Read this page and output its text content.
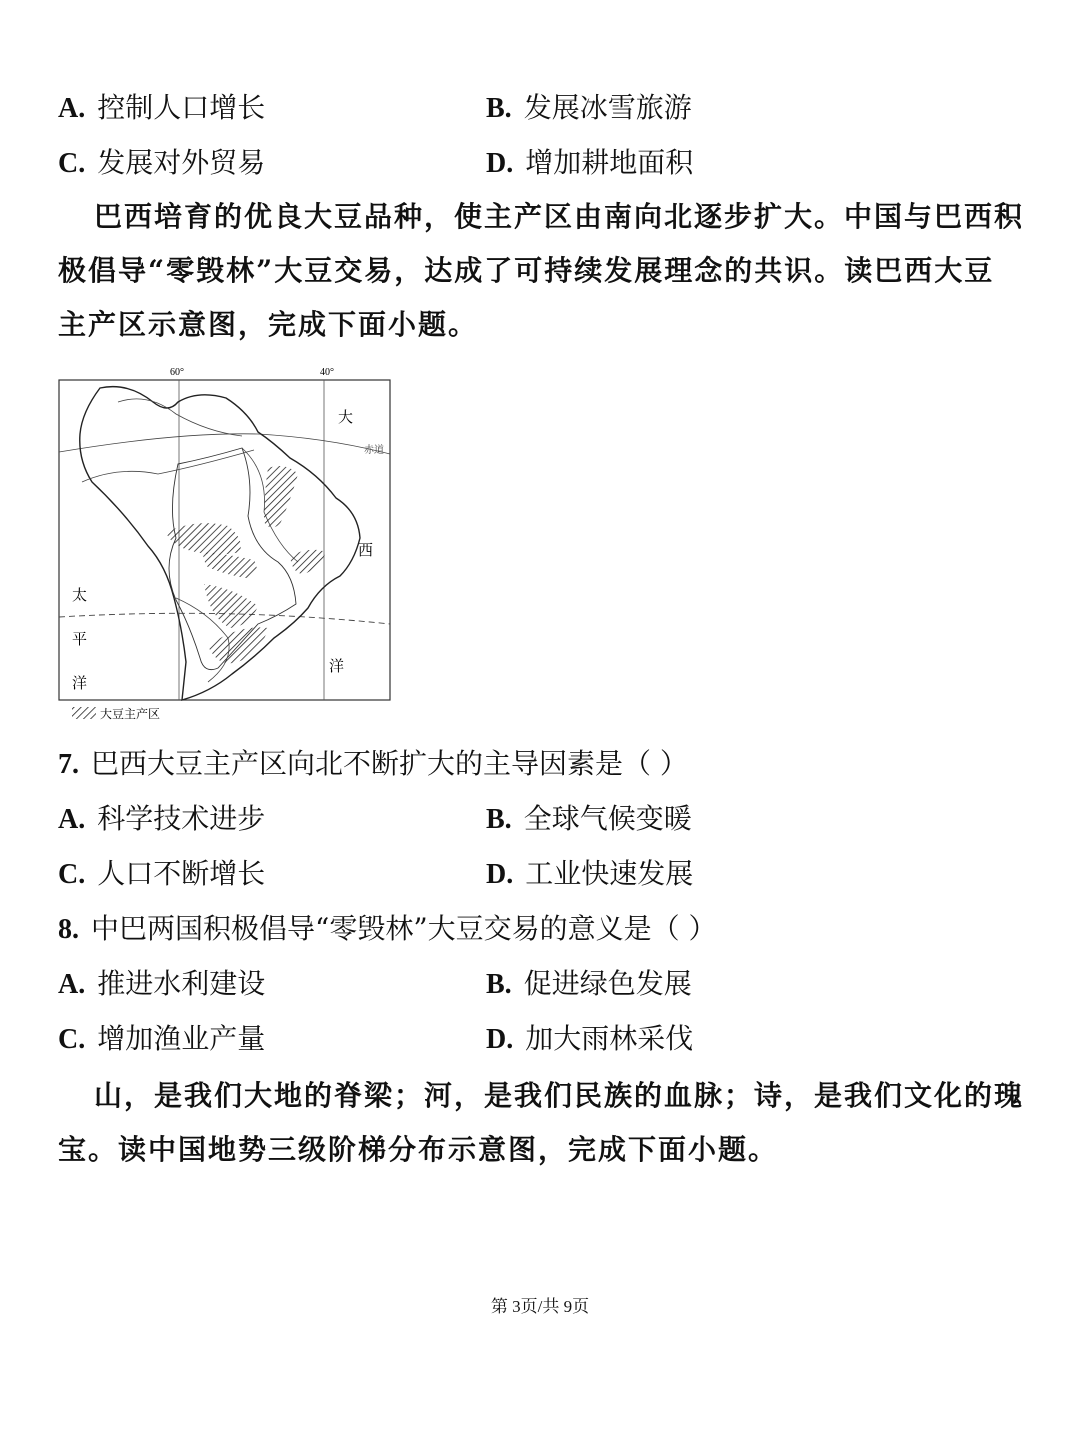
A. 控制人口增长	B. 发展冰雪旅游
C. 发展对外贸易	D. 增加耕地面积
巴西培育的优良大豆品种，使主产区由南向北逐步扩大。中国与巴西积极倡导“零毁林”大豆交易，达成了可持续发展理念的共识。读巴西大豆主产区示意图，完成下面小题。
60°	40°
赤道
大
西
洋
太
平
洋
大豆主产区
7. 巴西大豆主产区向北不断扩大的主导因素是（ ）
A. 科学技术进步	B. 全球气候变暖
C. 人口不断增长	D. 工业快速发展
8. 中巴两国积极倡导“零毁林”大豆交易的意义是（ ）
A. 推进水利建设	B. 促进绿色发展
C. 增加渔业产量	D. 加大雨林采伐
山，是我们大地的脊梁；河，是我们民族的血脉；诗，是我们文化的瑰宝。读中国地势三级阶梯分布示意图，完成下面小题。
第 3页/共 9页
